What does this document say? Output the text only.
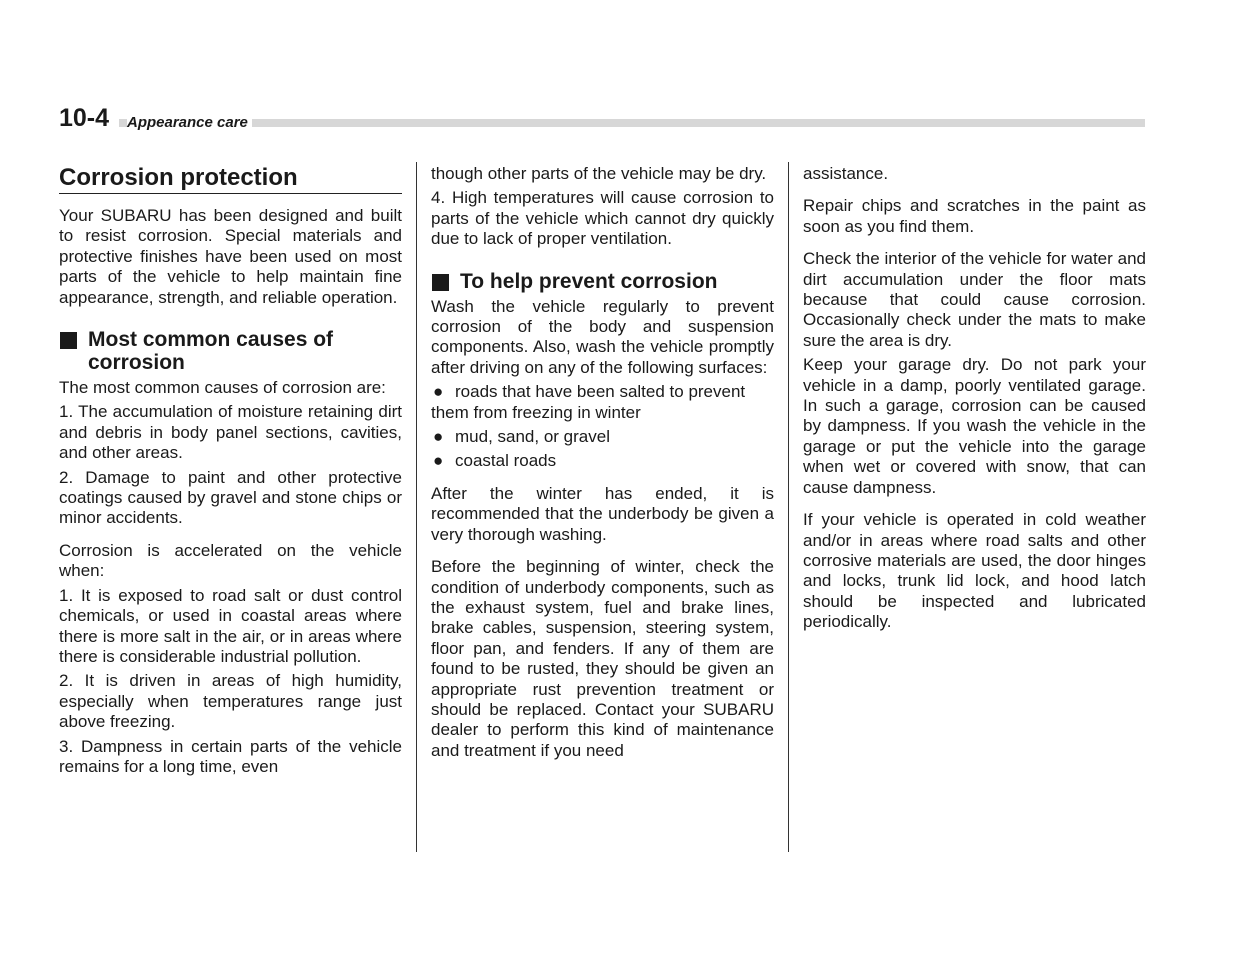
10-4	Appearance care
Corrosion protection

Your SUBARU has been designed and built to resist corrosion. Special materials and protective finishes have been used on most parts of the vehicle to help maintain fine appearance, strength, and reliable operation.

Most common causes of corrosion

The most common causes of corrosion are:

1. The accumulation of moisture retaining dirt and debris in body panel sections, cavities, and other areas.

2. Damage to paint and other protective coatings caused by gravel and stone chips or minor accidents.

Corrosion is accelerated on the vehicle when:

1. It is exposed to road salt or dust control chemicals, or used in coastal areas where there is more salt in the air, or in areas where there is considerable industrial pollution.

2. It is driven in areas of high humidity, especially when temperatures range just above freezing.

3. Dampness in certain parts of the vehicle remains for a long time, even

though other parts of the vehicle may be dry.

4. High temperatures will cause corrosion to parts of the vehicle which cannot dry quickly due to lack of proper ventilation.

To help prevent corrosion

Wash the vehicle regularly to prevent corrosion of the body and suspension components. Also, wash the vehicle promptly after driving on any of the following surfaces:

● roads that have been salted to prevent them from freezing in winter
● mud, sand, or gravel
● coastal roads

After the winter has ended, it is recommended that the underbody be given a very thorough washing.

Before the beginning of winter, check the condition of underbody components, such as the exhaust system, fuel and brake lines, brake cables, suspension, steering system, floor pan, and fenders. If any of them are found to be rusted, they should be given an appropriate rust prevention treatment or should be replaced. Contact your SUBARU dealer to perform this kind of maintenance and treatment if you need

assistance.

Repair chips and scratches in the paint as soon as you find them.

Check the interior of the vehicle for water and dirt accumulation under the floor mats because that could cause corrosion. Occasionally check under the mats to make sure the area is dry.

Keep your garage dry. Do not park your vehicle in a damp, poorly ventilated garage. In such a garage, corrosion can be caused by dampness. If you wash the vehicle in the garage or put the vehicle into the garage when wet or covered with snow, that can cause dampness.

If your vehicle is operated in cold weather and/or in areas where road salts and other corrosive materials are used, the door hinges and locks, trunk lid lock, and hood latch should be inspected and lubricated periodically.
